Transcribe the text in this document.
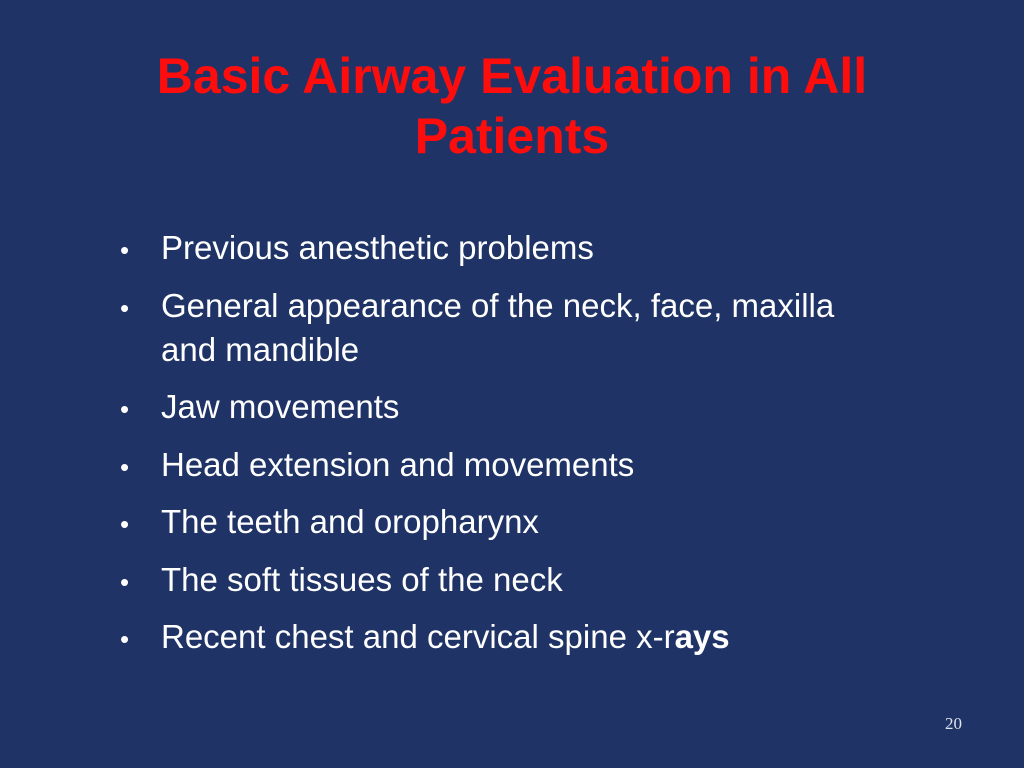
Basic Airway Evaluation in All Patients
• Previous anesthetic problems
• General appearance of the neck, face, maxilla and mandible
• Jaw movements
• Head extension and movements
• The teeth and oropharynx
• The soft tissues of the neck
• Recent chest and cervical spine x-rays
20
